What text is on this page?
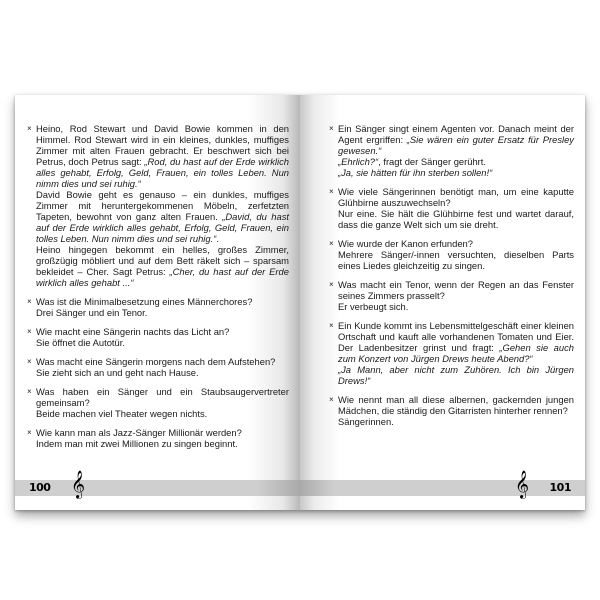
× Heino, Rod Stewart und David Bowie kommen in den Himmel. Rod Stewart wird in ein kleines, dunkles, muffiges Zimmer mit alten Frauen gebracht. Er beschwert sich bei Petrus, doch Petrus sagt: „Rod, du hast auf der Erde wirklich alles gehabt, Erfolg, Geld, Frauen, ein tolles Leben. Nun nimm dies und sei ruhig.“
David Bowie geht es genauso – ein dunkles, muffiges Zimmer mit heruntergekommenen Möbeln, zerfetzten Tapeten, bewohnt von ganz alten Frauen. „David, du hast auf der Erde wirklich alles gehabt, Erfolg, Geld, Frauen, ein tolles Leben. Nun nimm dies und sei ruhig.“.
Heino hingegen bekommt ein helles, großes Zimmer, großzügig möbliert und auf dem Bett räkelt sich – sparsam bekleidet – Cher. Sagt Petrus: „Cher, du hast auf der Erde wirklich alles gehabt ...“
× Was ist die Minimalbesetzung eines Männerchores?
Drei Sänger und ein Tenor.
× Wie macht eine Sängerin nachts das Licht an?
Sie öffnet die Autotür.
× Was macht eine Sängerin morgens nach dem Aufstehen?
Sie zieht sich an und geht nach Hause.
× Was haben ein Sänger und ein Staubsaugervertreter gemeinsam?
Beide machen viel Theater wegen nichts.
× Wie kann man als Jazz-Sänger Millionär werden?
Indem man mit zwei Millionen zu singen beginnt.
100 𝄞
× Ein Sänger singt einem Agenten vor. Danach meint der Agent ergriffen: „Sie wären ein guter Ersatz für Presley gewesen.“
„Ehrlich?“, fragt der Sänger gerührt.
„Ja, sie hätten für ihn sterben sollen!“
× Wie viele Sängerinnen benötigt man, um eine kaputte Glühbirne auszuwechseln?
Nur eine. Sie hält die Glühbirne fest und wartet darauf, dass die ganze Welt sich um sie dreht.
× Wie wurde der Kanon erfunden?
Mehrere Sänger/-innen versuchten, dieselben Parts eines Liedes gleichzeitig zu singen.
× Was macht ein Tenor, wenn der Regen an das Fenster seines Zimmers prasselt?
Er verbeugt sich.
× Ein Kunde kommt ins Lebensmittelgeschäft einer kleinen Ortschaft und kauft alle vorhandenen Tomaten und Eier. Der Ladenbesitzer grinst und fragt: „Gehen sie auch zum Konzert von Jürgen Drews heute Abend?“
„Ja Mann, aber nicht zum Zuhören. Ich bin Jürgen Drews!“
× Wie nennt man all diese albernen, gackernden jungen Mädchen, die ständig den Gitarristen hinterher rennen?
Sängerinnen.
𝄞	101
